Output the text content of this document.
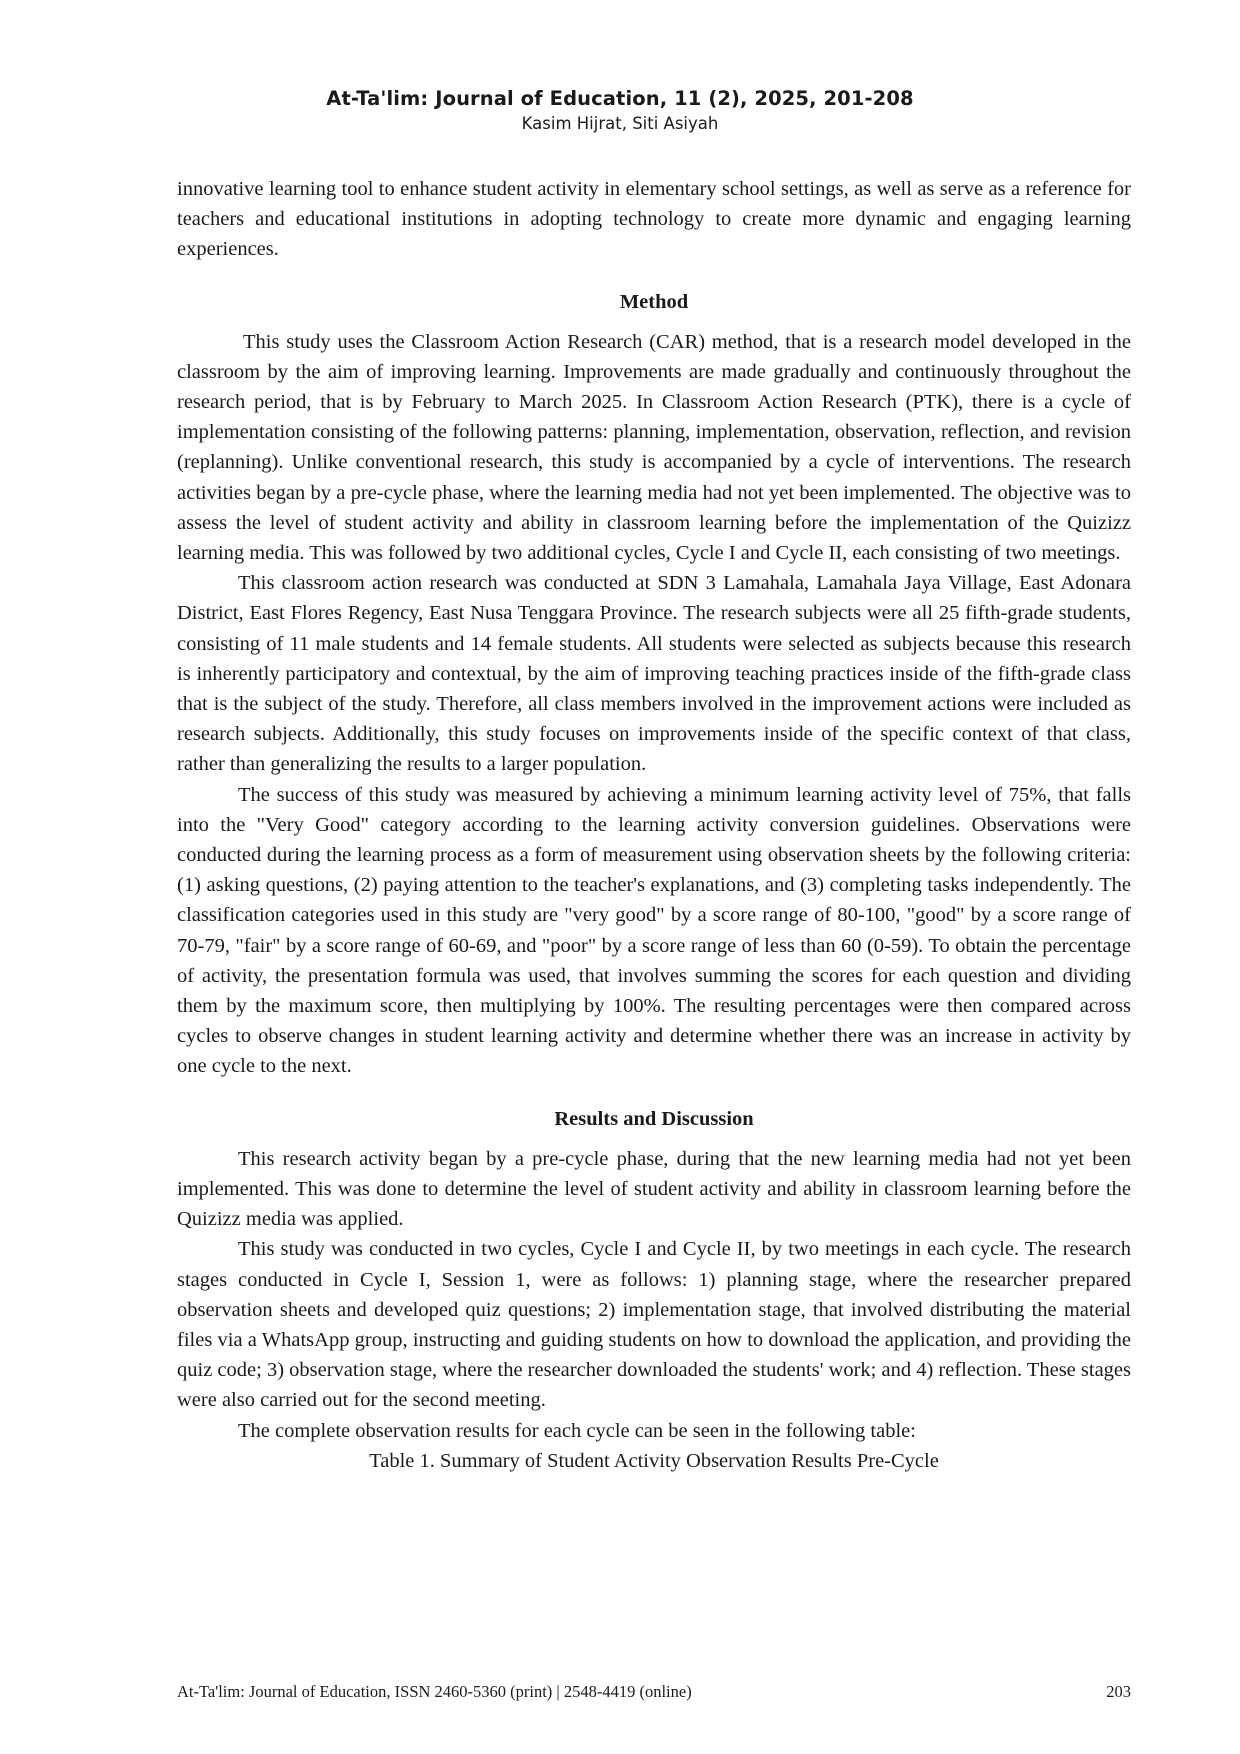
At-Ta'lim: Journal of Education, 11 (2), 2025, 201-208
Kasim Hijrat, Siti Asiyah

innovative learning tool to enhance student activity in elementary school settings, as well as serve as a reference for teachers and educational institutions in adopting technology to create more dynamic and engaging learning experiences.

Method

This study uses the Classroom Action Research (CAR) method, that is a research model developed in the classroom by the aim of improving learning. Improvements are made gradually and continuously throughout the research period, that is by February to March 2025. In Classroom Action Research (PTK), there is a cycle of implementation consisting of the following patterns: planning, implementation, observation, reflection, and revision (replanning). Unlike conventional research, this study is accompanied by a cycle of interventions. The research activities began by a pre-cycle phase, where the learning media had not yet been implemented. The objective was to assess the level of student activity and ability in classroom learning before the implementation of the Quizizz learning media. This was followed by two additional cycles, Cycle I and Cycle II, each consisting of two meetings.

This classroom action research was conducted at SDN 3 Lamahala, Lamahala Jaya Village, East Adonara District, East Flores Regency, East Nusa Tenggara Province. The research subjects were all 25 fifth-grade students, consisting of 11 male students and 14 female students. All students were selected as subjects because this research is inherently participatory and contextual, by the aim of improving teaching practices inside of the fifth-grade class that is the subject of the study. Therefore, all class members involved in the improvement actions were included as research subjects. Additionally, this study focuses on improvements inside of the specific context of that class, rather than generalizing the results to a larger population.

The success of this study was measured by achieving a minimum learning activity level of 75%, that falls into the "Very Good" category according to the learning activity conversion guidelines. Observations were conducted during the learning process as a form of measurement using observation sheets by the following criteria: (1) asking questions, (2) paying attention to the teacher's explanations, and (3) completing tasks independently. The classification categories used in this study are "very good" by a score range of 80-100, "good" by a score range of 70-79, "fair" by a score range of 60-69, and "poor" by a score range of less than 60 (0-59). To obtain the percentage of activity, the presentation formula was used, that involves summing the scores for each question and dividing them by the maximum score, then multiplying by 100%. The resulting percentages were then compared across cycles to observe changes in student learning activity and determine whether there was an increase in activity by one cycle to the next.

Results and Discussion

This research activity began by a pre-cycle phase, during that the new learning media had not yet been implemented. This was done to determine the level of student activity and ability in classroom learning before the Quizizz media was applied.

This study was conducted in two cycles, Cycle I and Cycle II, by two meetings in each cycle. The research stages conducted in Cycle I, Session 1, were as follows: 1) planning stage, where the researcher prepared observation sheets and developed quiz questions; 2) implementation stage, that involved distributing the material files via a WhatsApp group, instructing and guiding students on how to download the application, and providing the quiz code; 3) observation stage, where the researcher downloaded the students' work; and 4) reflection. These stages were also carried out for the second meeting.

The complete observation results for each cycle can be seen in the following table:

Table 1. Summary of Student Activity Observation Results Pre-Cycle

At-Ta'lim: Journal of Education, ISSN 2460-5360 (print) | 2548-4419 (online)	203
